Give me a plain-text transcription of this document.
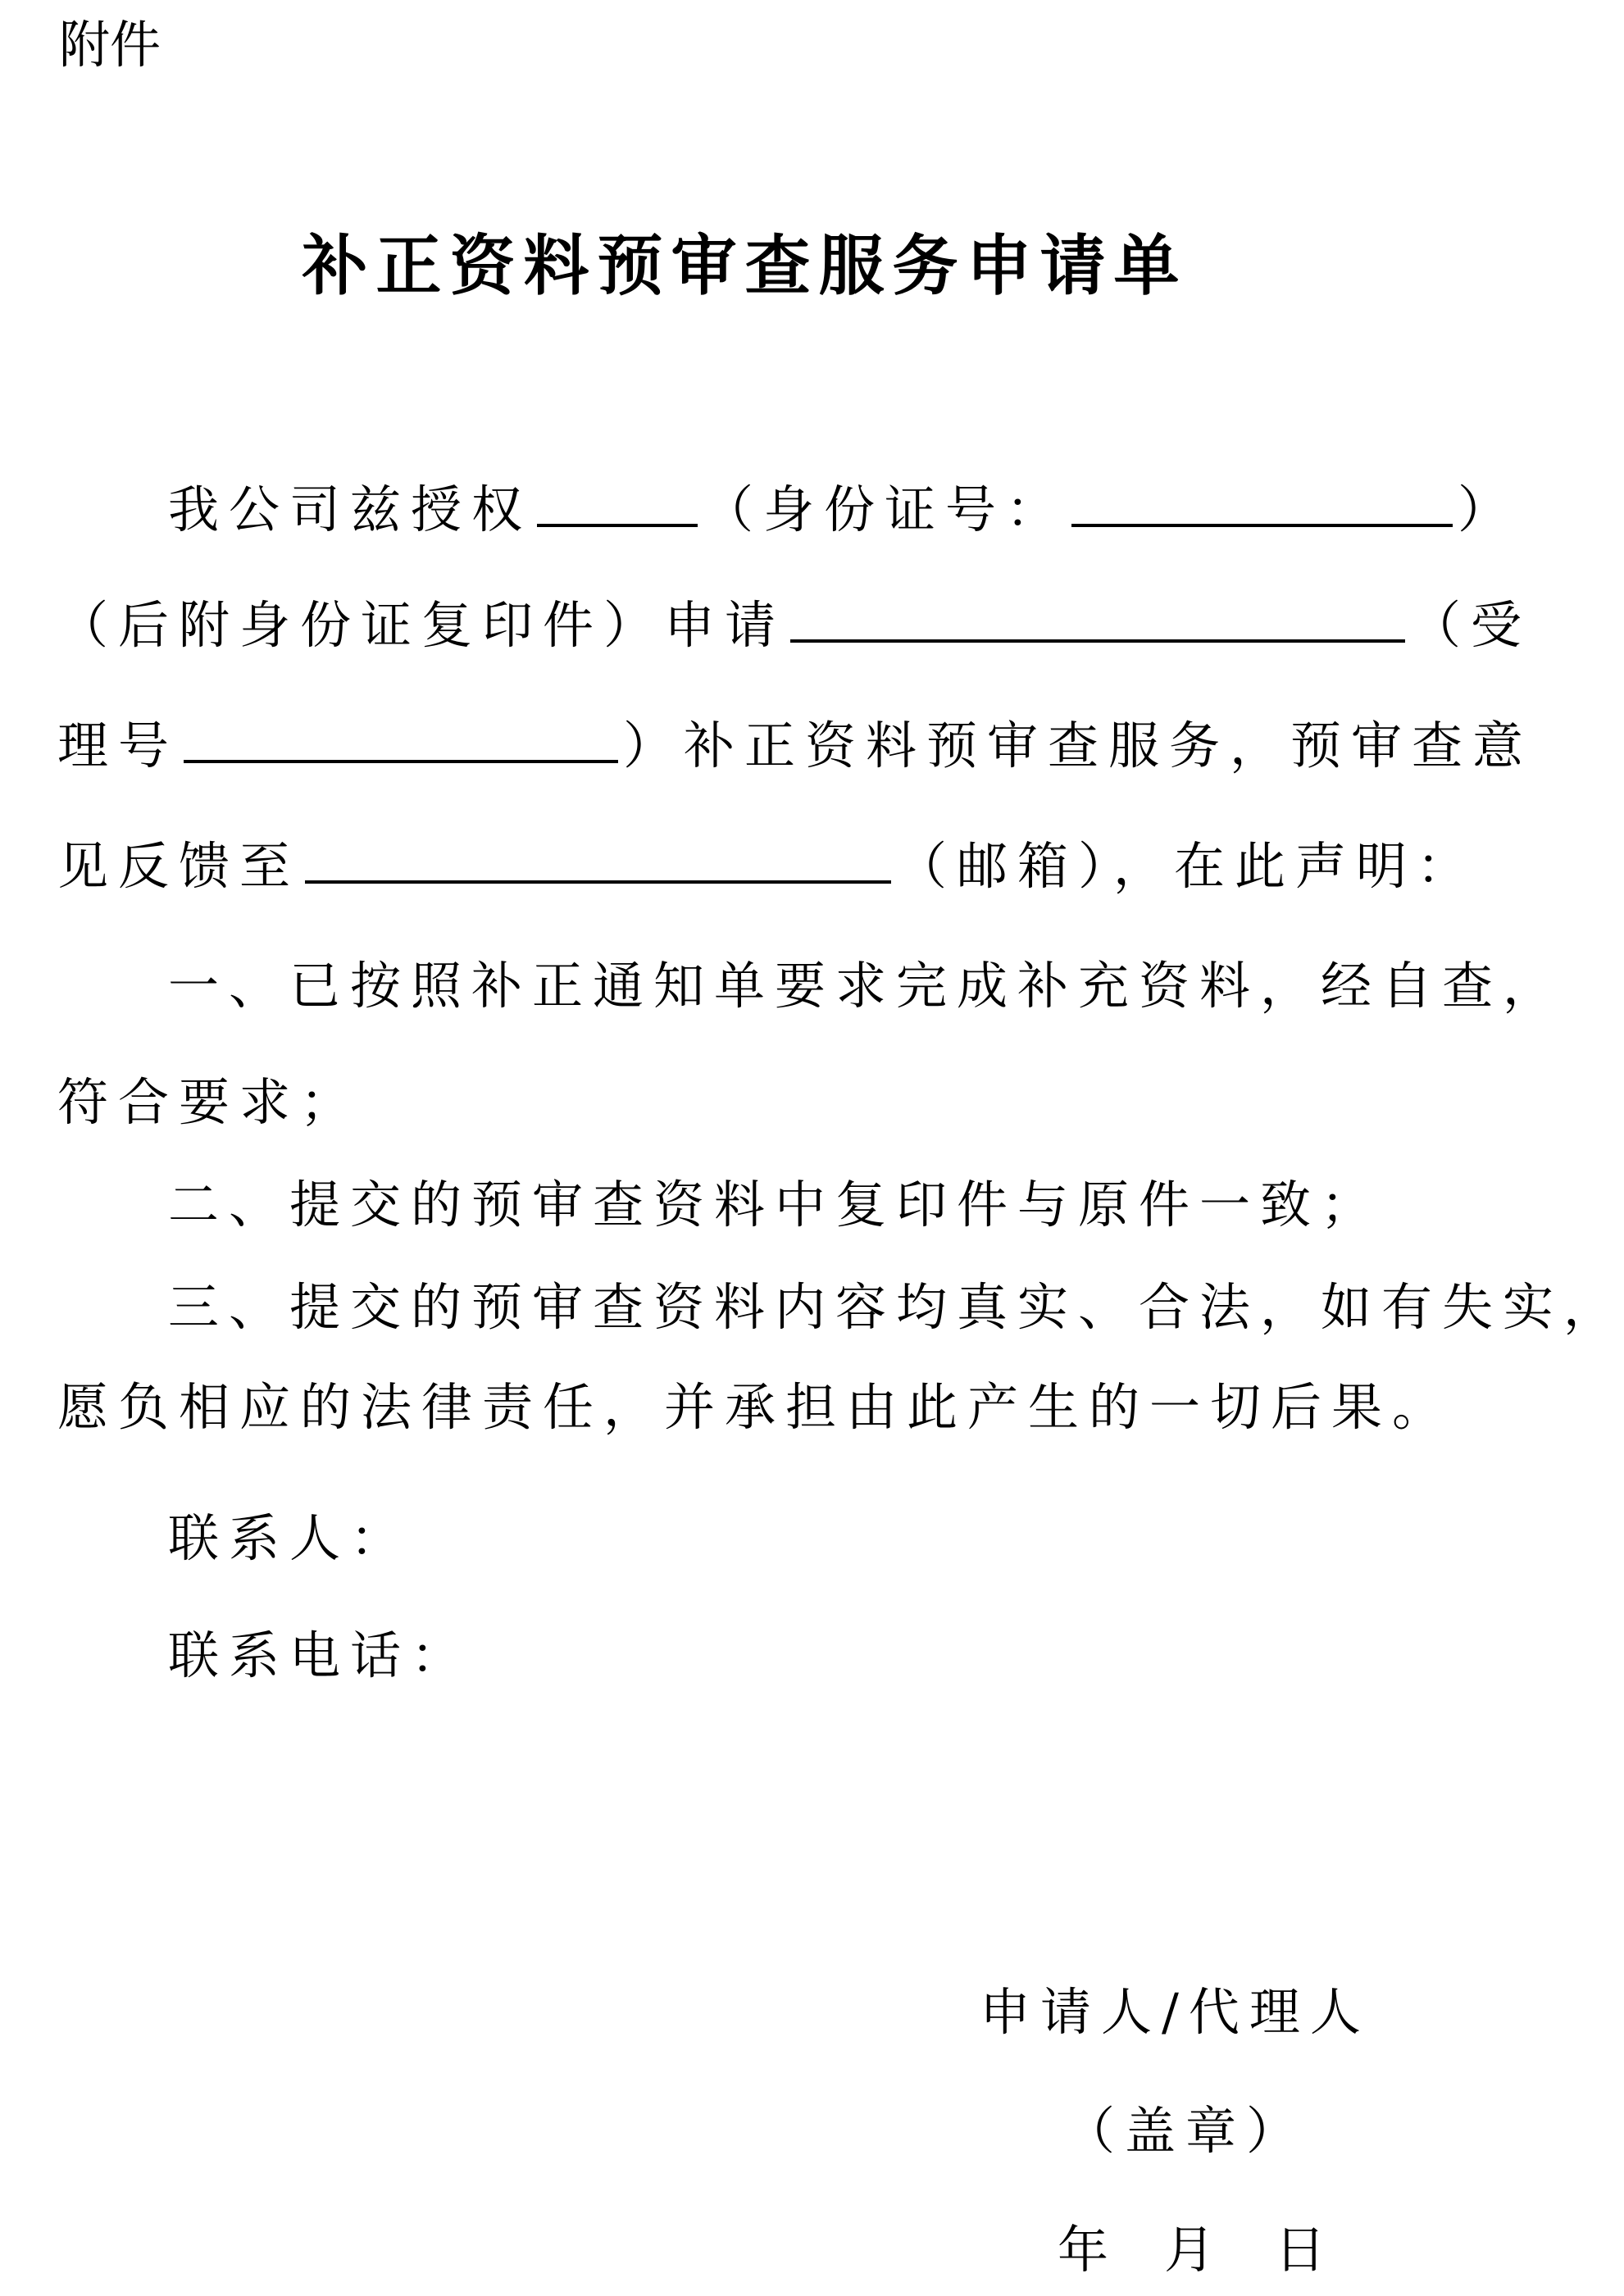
附件
补正资料预审查服务申请单
我公司兹授权	（身份证号：	）
（后附身份证复印件）申请	（受
理号	）补正资料预审查服务，预审查意
见反馈至	（邮箱），在此声明：
一、已按照补正通知单要求完成补充资料，经自查，
符合要求；
二、提交的预审查资料中复印件与原件一致；
三、提交的预审查资料内容均真实、合法，如有失实，
愿负相应的法律责任，并承担由此产生的一切后果。
联系人：
联系电话：
申请人/代理人
（盖章）
年 月 日
